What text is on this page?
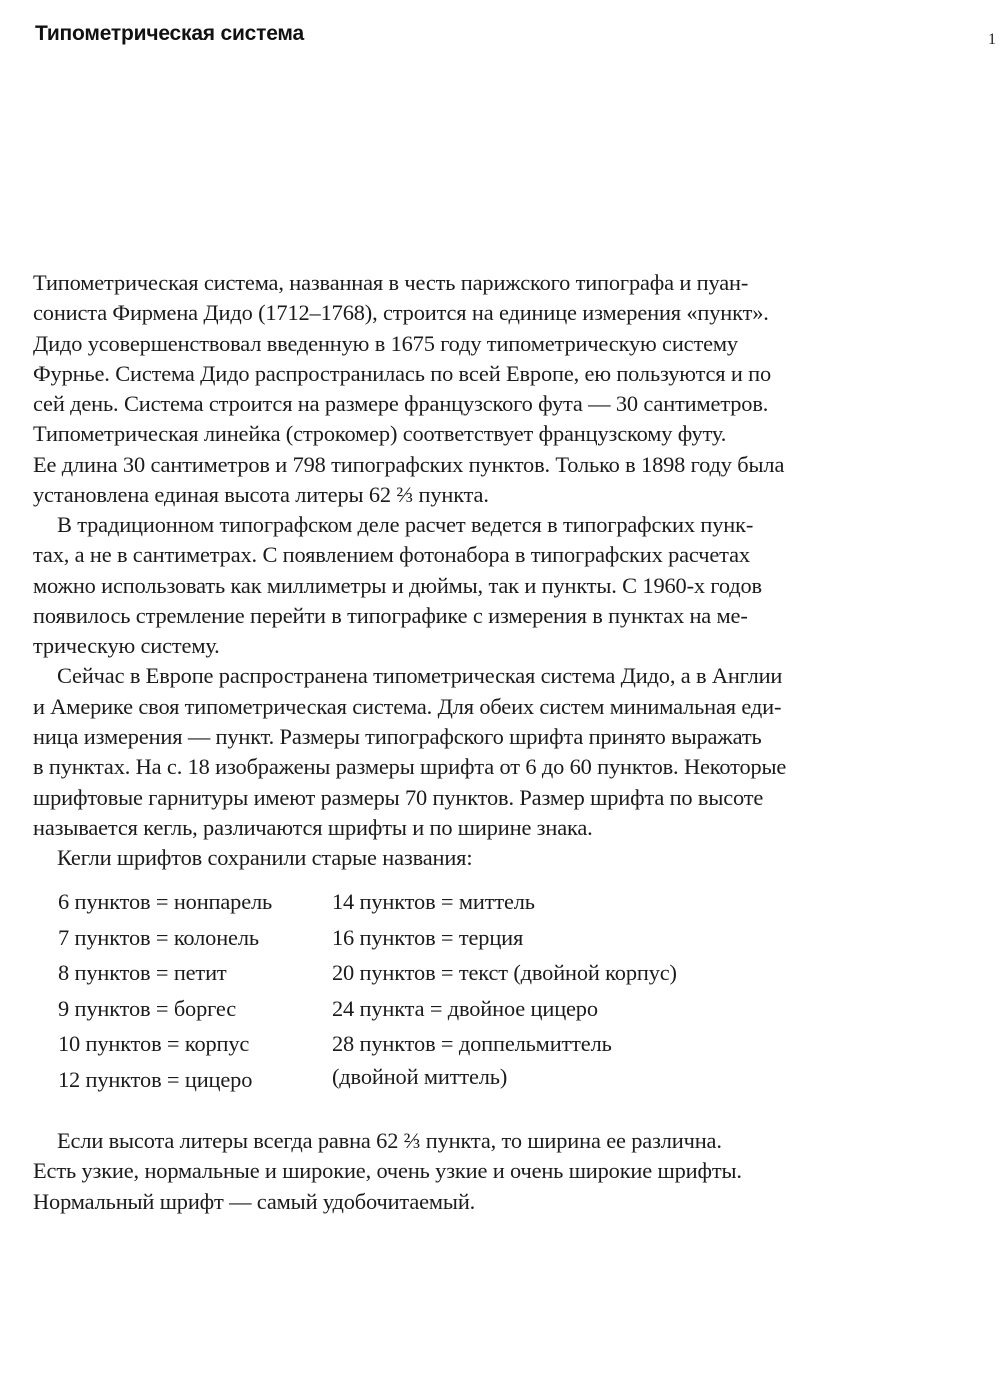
Типометрическая система	1
Типометрическая система, названная в честь парижского типографа и пуан-
сониста Фирмена Дидо (1712–1768), строится на единице измерения «пункт».
Дидо усовершенствовал введенную в 1675 году типометрическую систему
Фурнье. Система Дидо распространилась по всей Европе, ею пользуются и по
сей день. Система строится на размере французского фута — 30 сантиметров.
Типометрическая линейка (строкомер) соответствует французскому футу.
Ее длина 30 сантиметров и 798 типографских пунктов. Только в 1898 году была
установлена единая высота литеры 62 ⅔ пункта.
В традиционном типографском деле расчет ведется в типографских пунк-
тах, а не в сантиметрах. С появлением фотонабора в типографских расчетах
можно использовать как миллиметры и дюймы, так и пункты. С 1960-х годов
появилось стремление перейти в типографике с измерения в пунктах на ме-
трическую систему.
Сейчас в Европе распространена типометрическая система Дидо, а в Англии
и Америке своя типометрическая система. Для обеих систем минимальная еди-
ница измерения — пункт. Размеры типографского шрифта принято выражать
в пунктах. На с. 18 изображены размеры шрифта от 6 до 60 пунктов. Некоторые
шрифтовые гарнитуры имеют размеры 70 пунктов. Размер шрифта по высоте
называется кегль, различаются шрифты и по ширине знака.
Кегли шрифтов сохранили старые названия:
6 пунктов = нонпарель
7 пунктов = колонель
8 пунктов = петит
9 пунктов = боргес
10 пунктов = корпус
12 пунктов = цицеро
14 пунктов = миттель
16 пунктов = терция
20 пунктов = текст (двойной корпус)
24 пункта = двойное цицеро
28 пунктов = доппельмиттель
(двойной миттель)
Если высота литеры всегда равна 62 ⅔ пункта, то ширина ее различна.
Есть узкие, нормальные и широкие, очень узкие и очень широкие шрифты.
Нормальный шрифт — самый удобочитаемый.
